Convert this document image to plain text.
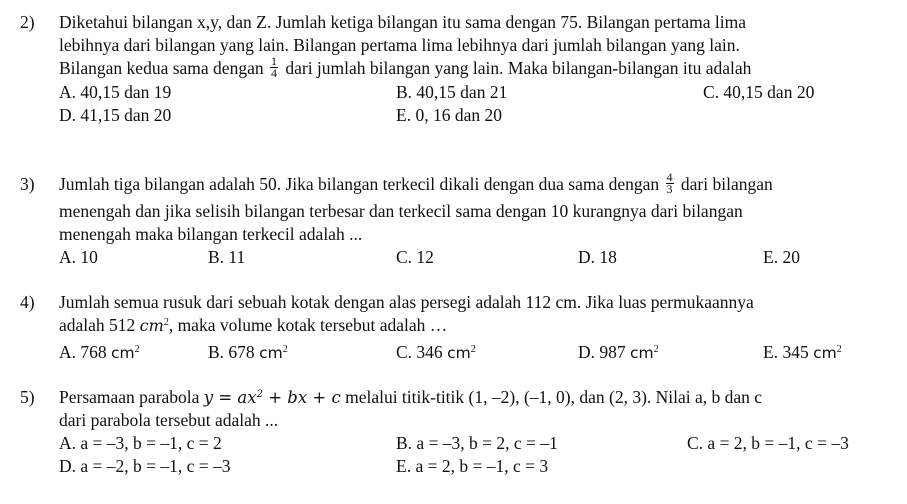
2) Diketahui bilangan x,y, dan Z. Jumlah ketiga bilangan itu sama dengan 75. Bilangan pertama lima
lebihnya dari bilangan yang lain. Bilangan pertama lima lebihnya dari jumlah bilangan yang lain.
Bilangan kedua sama dengan $\frac{1}{4}$ dari jumlah bilangan yang lain. Maka bilangan-bilangan itu adalah
A. 40,15 dan 19	B. 40,15 dan 21	C. 40,15 dan 20
D. 41,15 dan 20	E. 0, 16 dan 20
3) Jumlah tiga bilangan adalah 50. Jika bilangan terkecil dikali dengan dua sama dengan $\frac{4}{3}$ dari bilangan
menengah dan jika selisih bilangan terbesar dan terkecil sama dengan 10 kurangnya dari bilangan
menengah maka bilangan terkecil adalah ...
A. 10	B. 11	C. 12	D. 18	E. 20
4) Jumlah semua rusuk dari sebuah kotak dengan alas persegi adalah 112 cm. Jika luas permukaannya
adalah 512 $cm^2$, maka volume kotak tersebut adalah …
A. 768 $cm^2$	B. 678 $cm^2$	C. 346 $cm^2$	D. 987 $cm^2$	E. 345 $cm^2$
5) Persamaan parabola $y = ax^2$ + bx + c melalui titik-titik (1, –2), (–1, 0), dan (2, 3). Nilai a, b dan c
dari parabola tersebut adalah ...
A. a = –3, b = –1, c = 2	B. a = –3, b = 2, c = –1	C. a = 2, b = –1, c = –3
D. a = –2, b = –1, c = –3	E. a = 2, b = –1, c = 3
